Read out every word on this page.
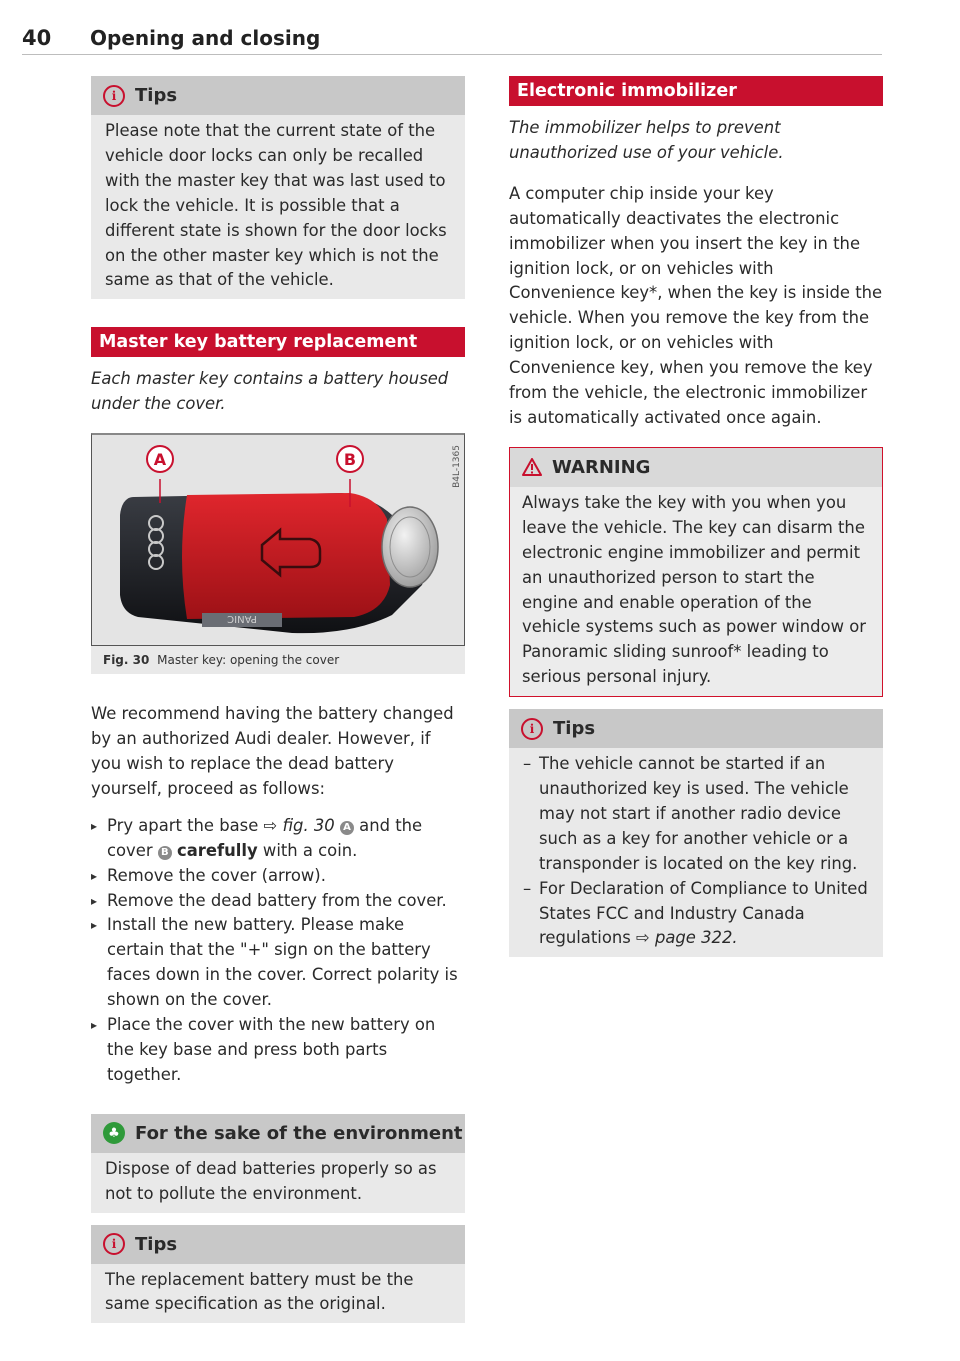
40 Opening and closing
i	Tips

Please note that the current state of the vehicle door locks can only be recalled with the master key that was last used to lock the vehicle. It is possible that a different state is shown for the door locks on the other master key which is not the same as that of the vehicle.

Master key battery replacement

Each master key contains a battery housed under the cover.

PANIC
A	B	B4L-1365
Fig. 30 Master key: opening the cover

We recommend having the battery changed by an authorized Audi dealer. However, if you wish to replace the dead battery yourself, proceed as follows:

▸ Pry apart the base ⇨ fig. 30 A and the cover B carefully with a coin.
▸ Remove the cover (arrow).
▸ Remove the dead battery from the cover.
▸ Install the new battery. Please make certain that the "+" sign on the battery faces down in the cover. Correct polarity is shown on the cover.
▸ Place the cover with the new battery on the key base and press both parts together.
♣ For the sake of the environment

Dispose of dead batteries properly so as not to pollute the environment.

i	Tips

The replacement battery must be the same specification as the original.

Electronic immobilizer

The immobilizer helps to prevent unauthorized use of your vehicle.

A computer chip inside your key automatically deactivates the electronic immobilizer when you insert the key in the ignition lock, or on vehicles with Convenience key*, when the key is inside the vehicle. When you remove the key from the ignition lock, or on vehicles with Convenience key, when you remove the key from the vehicle, the electronic immobilizer is automatically activated once again.

WARNING

Always take the key with you when you leave the vehicle. The key can disarm the electronic engine immobilizer and permit an unauthorized person to start the engine and enable operation of the vehicle systems such as power window or Panoramic sliding sunroof* leading to serious personal injury.

i	Tips
– The vehicle cannot be started if an unauthorized key is used. The vehicle may not start if another radio device such as a key for another vehicle or a transponder is located on the key ring.
– For Declaration of Compliance to United States FCC and Industry Canada regulations ⇨ page 322.
